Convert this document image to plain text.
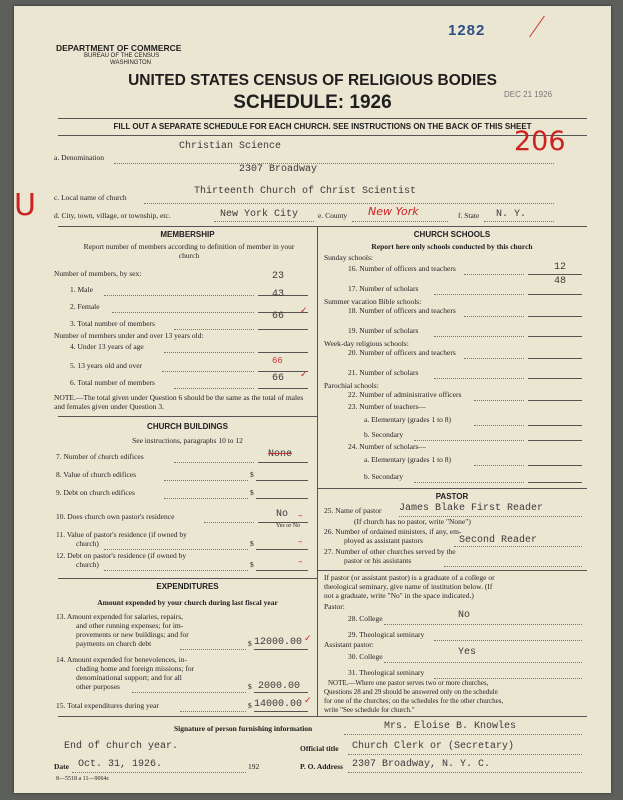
1282
DEC 21 1926
DEPARTMENT OF COMMERCE
BUREAU OF THE CENSUS
WASHINGTON
UNITED STATES CENSUS OF RELIGIOUS BODIES
SCHEDULE: 1926
FILL OUT A SEPARATE SCHEDULE FOR EACH CHURCH. SEE INSTRUCTIONS ON THE BACK OF THIS SHEET
206
U
a. Denomination
Christian Science
2307 Broadway
c. Local name of church
Thirteenth Church of Christ Scientist
d. City, town, village, or township, etc.	New York City	e. County New York	f. State N. Y.
MEMBERSHIP
Report number of members according to definition of member in your church
Number of members, by sex:
1. Male
23
2. Female
43
3. Total number of members
66
Number of members under and over 13 years old:
4. Under 13 years of age
5. 13 years old and over	66
6. Total number of members	66
NOTE.—The total given under Question 6 should be the same as the total of males and females given under Question 3.
CHURCH BUILDINGS
See instructions, paragraphs 10 to 12
7. Number of church edifices	None
8. Value of church edifices	$
9. Debt on church edifices	$
10. Does church own pastor's residence	No
Yes or No
11. Value of pastor's residence (if owned by
church)	$
12. Debt on pastor's residence (if owned by
church)	$
EXPENDITURES
Amount expended by your church during last fiscal year
13. Amount expended for salaries, repairs,
and other running expenses; for im-
provements or new buildings; and for
payments on church debt	$ 12000.00
14. Amount expended for benevolences, in-
cluding home and foreign missions; for
denominational support; and for all
other purposes	$ 2000.00
15. Total expenditures during year	$ 14000.00
CHURCH SCHOOLS
Report here only schools conducted by this church
Sunday schools:
16. Number of officers and teachers	12
17. Number of scholars
48
Summer vacation Bible schools:
18. Number of officers and teachers
19. Number of scholars
Week-day religious schools:
20. Number of officers and teachers
21. Number of scholars
Parochial schools:
22. Number of administrative officers
23. Number of teachers—
a. Elementary (grades 1 to 8)
b. Secondary
24. Number of scholars—
a. Elementary (grades 1 to 8)
b. Secondary
PASTOR
25. Name of pastor James Blake First Reader
(If church has no pastor, write "None")
26. Number of ordained ministers, if any, em-
ployed as assistant pastors	Second Reader
27. Number of other churches served by the
pastor or his assistants
If pastor (or assistant pastor) is a graduate of a college or
theological seminary, give name of institution below. (If
not a graduate, write "No" in the space indicated.)
Pastor:
28. College	No
29. Theological seminary
Assistant pastor:
30. College	Yes
31. Theological seminary
NOTE.—Where one pastor serves two or more churches,
Questions 28 and 29 should be answered only on the schedule
for one of the churches; on the schedules for the other churches,
write "See schedule for church."
Signature of person furnishing information	Mrs. Eloise B. Knowles
End of church year.	Official title Church Clerk or (Secretary)
Date Oct. 31, 1926.	192	P. O. Address 2307 Broadway, N. Y. C.
8—5518 a 11—9064c
✓
✓
–
–
–
✓
✓
